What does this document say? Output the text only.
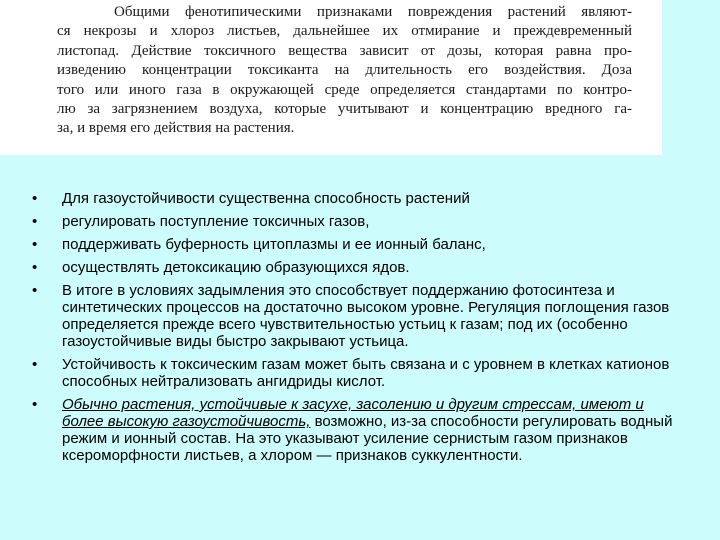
Общими фенотипическими признаками повреждения растений являют-
ся некрозы и хлороз листьев, дальнейшее их отмирание и преждевременный
листопад. Действие токсичного вещества зависит от дозы, которая равна про-
изведению концентрации токсиканта на длительность его воздействия. Доза
того или иного газа в окружающей среде определяется стандартами по контро-
лю за загрязнением воздуха, которые учитывают и концентрацию вредного га-
за, и время его действия на растения.

• Для газоустойчивости существенна способность растений
• регулировать поступление токсичных газов,
• поддерживать буферность цитоплазмы и ее ионный баланс,
• осуществлять детоксикацию образующихся ядов.
• В итоге в условиях задымления это способствует поддержанию фотосинтеза и синтетических процессов на достаточно высоком уровне. Регуляция поглощения газов определяется прежде всего чувствительностью устьиц к газам; под их (особенно газоустойчивые виды быстро закрывают устьица.
• Устойчивость к токсическим газам может быть связана и с уровнем в клетках катионов способных нейтрализовать ангидриды кислот.
• Обычно растения, устойчивые к засухе, засолению и другим стрессам, имеют и более высокую газоустойчивость, возможно, из-за способности регулировать водный режим и ионный состав. На это указывают усиление сернистым газом признаков ксероморфности листьев, а хлором — признаков суккулентности.
